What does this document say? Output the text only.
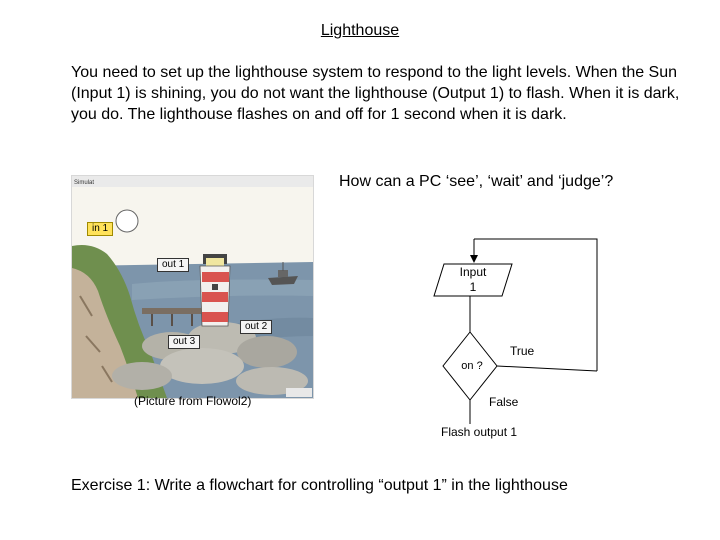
Lighthouse
You need to set up the lighthouse system to respond to the light levels. When the Sun (Input 1) is shining, you do not want the lighthouse (Output 1) to flash. When it is dark, you do. The lighthouse flashes on and off for 1 second when it is dark.
How can a PC ‘see’, ‘wait’ and ‘judge’?
Simulat
in 1
out 1
out 2
out 3
(Picture from Flowol2)
Input
1
on ?
True
False
Flash output 1
Exercise 1: Write a flowchart for controlling “output 1” in the lighthouse
